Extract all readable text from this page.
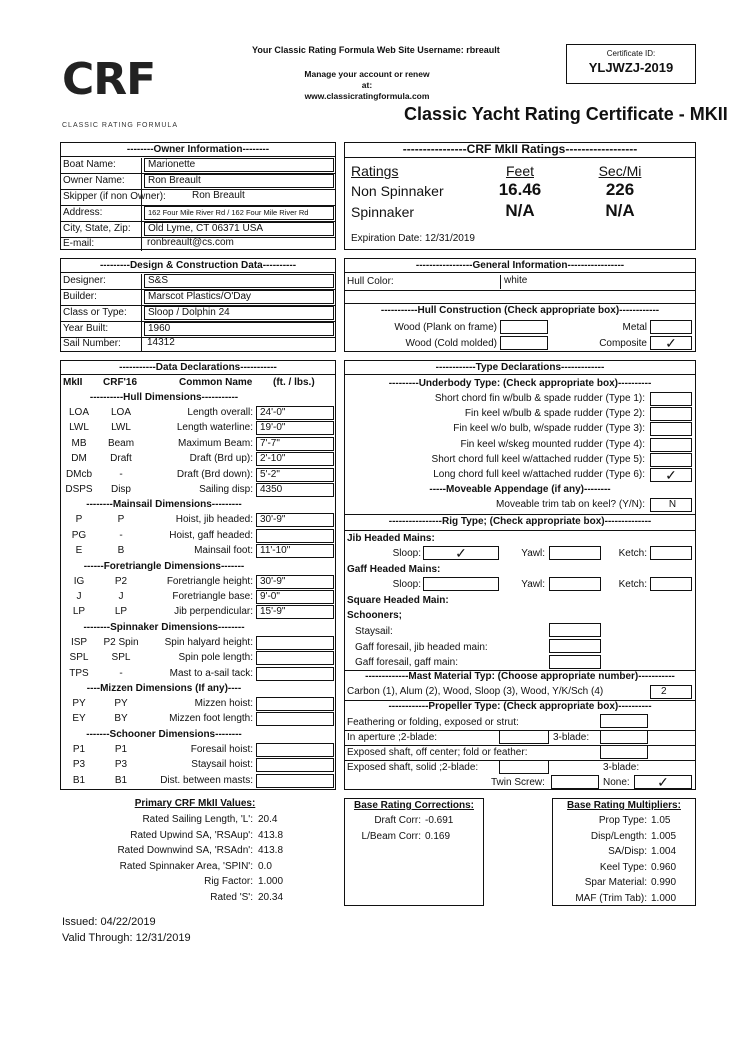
CRF
CLASSIC RATING FORMULA
Your Classic Rating Formula Web Site Username: rbreault
Manage your account or renew at:
www.classicratingformula.com
Certificate ID:
YLJWZJ-2019
Classic Yacht Rating Certificate - MKII
--------Owner Information--------
Boat Name:	Marionette
Owner Name:	Ron Breault
Skipper (if non Owner):	Ron Breault
Address:	162 Four Mile River Rd / 162 Four Mile River Rd
City, State, Zip:	Old Lyme, CT 06371 USA
E-mail:	ronbreault@cs.com
----------------CRF MkII Ratings------------------
Ratings	Feet	Sec/Mi
Non Spinnaker	16.46	226
Spinnaker	N/A	N/A
Expiration Date: 12/31/2019
---------Design & Construction Data----------
Designer:	S&S
Builder:	Marscot Plastics/O'Day
Class or Type:	Sloop / Dolphin 24
Year Built:	1960
Sail Number:	14312
-----------------General Information-----------------
Hull Color:	white
-----------Hull Construction (Check appropriate box)------------
Wood (Plank on frame)	Metal
Wood (Cold molded)	Composite	✓
-----------Data Declarations-----------
MkII CRF'16	Common Name (ft. / lbs.)
----------Hull Dimensions-----------
LOA	LOA	Length overall: 24'-0"
LWL	LWL	Length waterline: 19'-0"
MB	Beam	Maximum Beam: 7'-7"
DM	Draft	Draft (Brd up): 2'-10"
DMcb	-	Draft (Brd down): 5'-2"
DSPS	Disp	Sailing disp: 4350
--------Mainsail Dimensions---------
P	P	Hoist, jib headed: 30'-9"
PG	-	Hoist, gaff headed:
E	B	Mainsail foot: 11'-10"
------Foretriangle Dimensions-------
IG	P2	Foretriangle height: 30'-9"
J	J	Foretriangle base: 9'-0"
LP	LP	Jib perpendicular: 15'-9"
--------Spinnaker Dimensions--------
ISP	P2 Spin	Spin halyard height:
SPL	SPL	Spin pole length:
TPS	-	Mast to a-sail tack:
----Mizzen Dimensions (If any)----
PY	PY	Mizzen hoist:
EY	BY	Mizzen foot length:
-------Schooner Dimensions--------
P1	P1	Foresail hoist:
P3	P3	Staysail hoist:
B1	B1	Dist. between masts:
------------Type Declarations-------------
---------Underbody Type: (Check appropriate box)----------
Short chord fin w/bulb & spade rudder (Type 1):
Fin keel w/bulb & spade rudder (Type 2):
Fin keel w/o bulb, w/spade rudder (Type 3):
Fin keel w/skeg mounted rudder (Type 4):
Short chord full keel w/attached rudder (Type 5):
Long chord full keel w/attached rudder (Type 6):	✓
-----Moveable Appendage (if any)--------
Moveable trim tab on keel? (Y/N):	N
----------------Rig Type; (Check appropriate box)--------------
Jib Headed Mains:
Sloop:	✓	Yawl:	Ketch:
Gaff Headed Mains:
Sloop:	Yawl:	Ketch:
Square Headed Main:
Schooners;
Staysail:
Gaff foresail, jib headed main:
Gaff foresail, gaff main:
-------------Mast Material Typ: (Choose appropriate number)-----------
Carbon (1), Alum (2), Wood, Sloop (3), Wood, Y/K/Sch (4)	2
------------Propeller Type: (Check appropriate box)----------
Feathering or folding, exposed or strut:
In aperture ;2-blade:	3-blade:
Exposed shaft, off center; fold or feather:
Exposed shaft, solid ;2-blade:	3-blade:
Twin Screw:	None:	✓
Primary CRF MkII Values:
Rated Sailing Length, 'L': 20.4
Rated Upwind SA, 'RSAup': 413.8
Rated Downwind SA, 'RSAdn': 413.8
Rated Spinnaker Area, 'SPIN': 0.0
Rig Factor: 1.000
Rated 'S': 20.34
Base Rating Corrections:
Draft Corr: -0.691
L/Beam Corr: 0.169
Base Rating Multipliers:
Prop Type: 1.05
Disp/Length: 1.005
SA/Disp: 1.004
Keel Type: 0.960
Spar Material: 0.990
MAF (Trim Tab): 1.000
Issued: 04/22/2019
Valid Through: 12/31/2019
